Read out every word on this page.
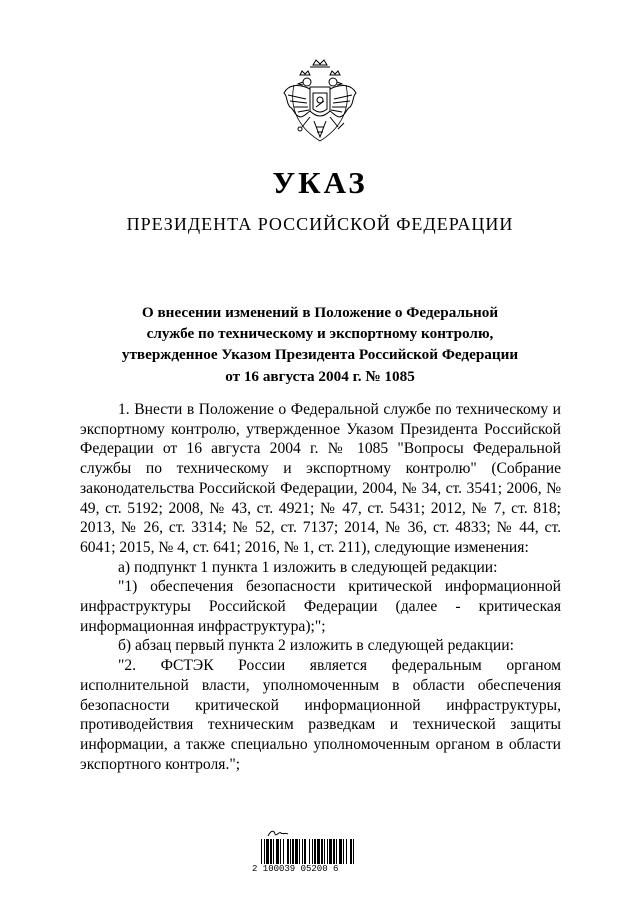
УКАЗ
ПРЕЗИДЕНТА РОССИЙСКОЙ ФЕДЕРАЦИИ
О внесении изменений в Положение о Федеральной
службе по техническому и экспортному контролю,
утвержденное Указом Президента Российской Федерации
от 16 августа 2004 г. № 1085

1. Внести в Положение о Федеральной службе по техническому и экспортному контролю, утвержденное Указом Президента Российской Федерации от 16 августа 2004 г. № 1085 "Вопросы Федеральной службы по техническому и экспортному контролю" (Собрание законодательства Российской Федерации, 2004, № 34, ст. 3541; 2006, № 49, ст. 5192; 2008, № 43, ст. 4921; № 47, ст. 5431; 2012, № 7, ст. 818; 2013, № 26, ст. 3314; № 52, ст. 7137; 2014, № 36, ст. 4833; № 44, ст. 6041; 2015, № 4, ст. 641; 2016, № 1, ст. 211), следующие изменения:

а) подпункт 1 пункта 1 изложить в следующей редакции:

"1) обеспечения безопасности критической информационной инфраструктуры Российской Федерации (далее - критическая информационная инфраструктура);";

б) абзац первый пункта 2 изложить в следующей редакции:

"2. ФСТЭК России является федеральным органом исполнительной власти, уполномоченным в области обеспечения безопасности критической информационной инфраструктуры, противодействия техническим разведкам и технической защиты информации, а также специально уполномоченным органом в области экспортного контроля.";

2 100039 05200 6
